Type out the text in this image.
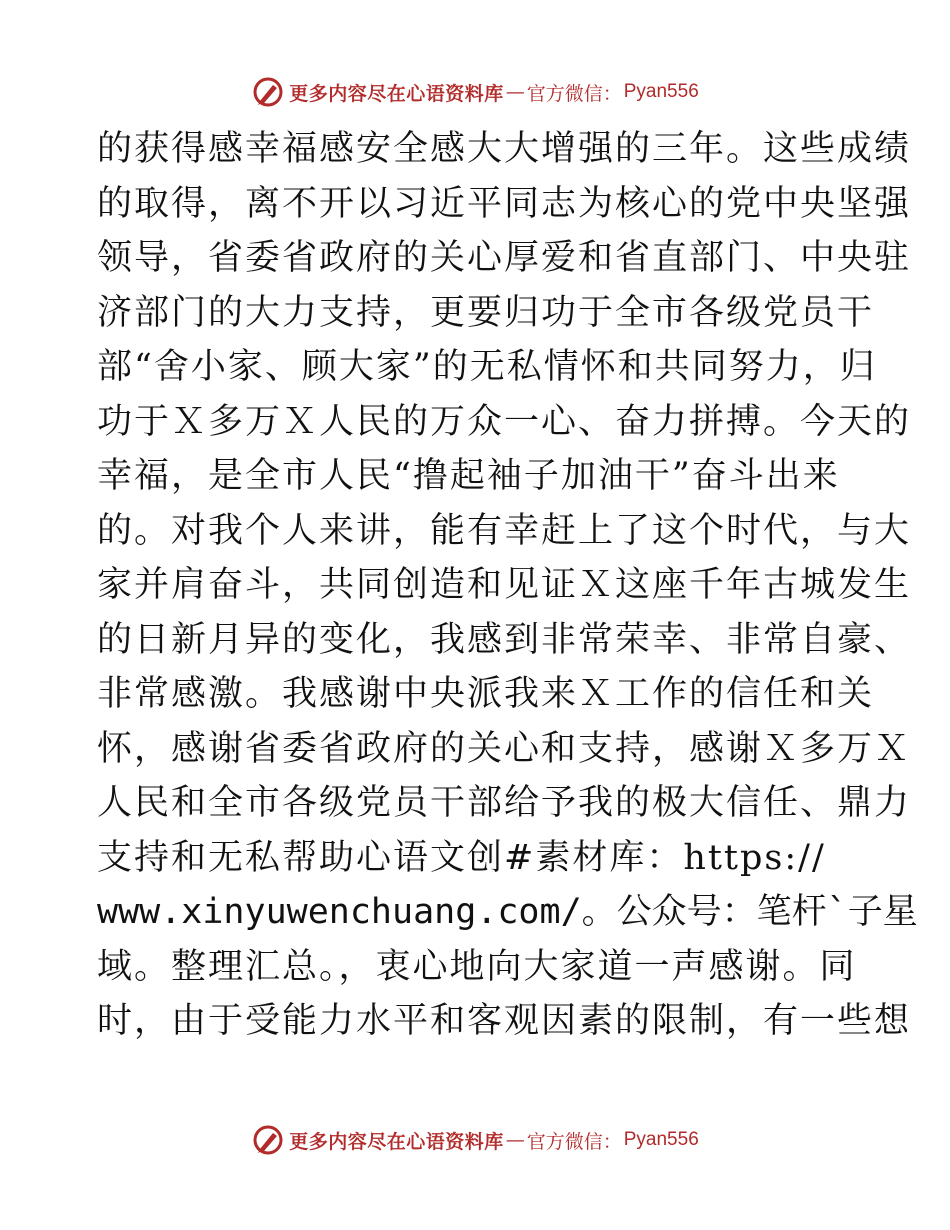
更多内容尽在心语资料库 — 官方微信： Pyan556
的获得感幸福感安全感大大增强的三年。这些成绩
的取得，离不开以习近平同志为核心的党中央坚强
领导，省委省政府的关心厚爱和省直部门、中央驻
济部门的大力支持，更要归功于全市各级党员干
部“舍小家、顾大家”的无私情怀和共同努力，归
功于Ｘ多万Ｘ人民的万众一心、奋力拼搏。今天的
幸福，是全市人民“撸起袖子加油干”奋斗出来
的。对我个人来讲，能有幸赶上了这个时代，与大
家并肩奋斗，共同创造和见证Ｘ这座千年古城发生
的日新月异的变化，我感到非常荣幸、非常自豪、
非常感激。我感谢中央派我来Ｘ工作的信任和关
怀，感谢省委省政府的关心和支持，感谢Ｘ多万Ｘ
人民和全市各级党员干部给予我的极大信任、鼎力
支持和无私帮助心语文创#素材库：https://
www.xinyuwenchuang.com/。公众号：笔杆`子星
域。整理汇总。，衷心地向大家道一声感谢。同
时，由于受能力水平和客观因素的限制，有一些想
更多内容尽在心语资料库 — 官方微信： Pyan556
